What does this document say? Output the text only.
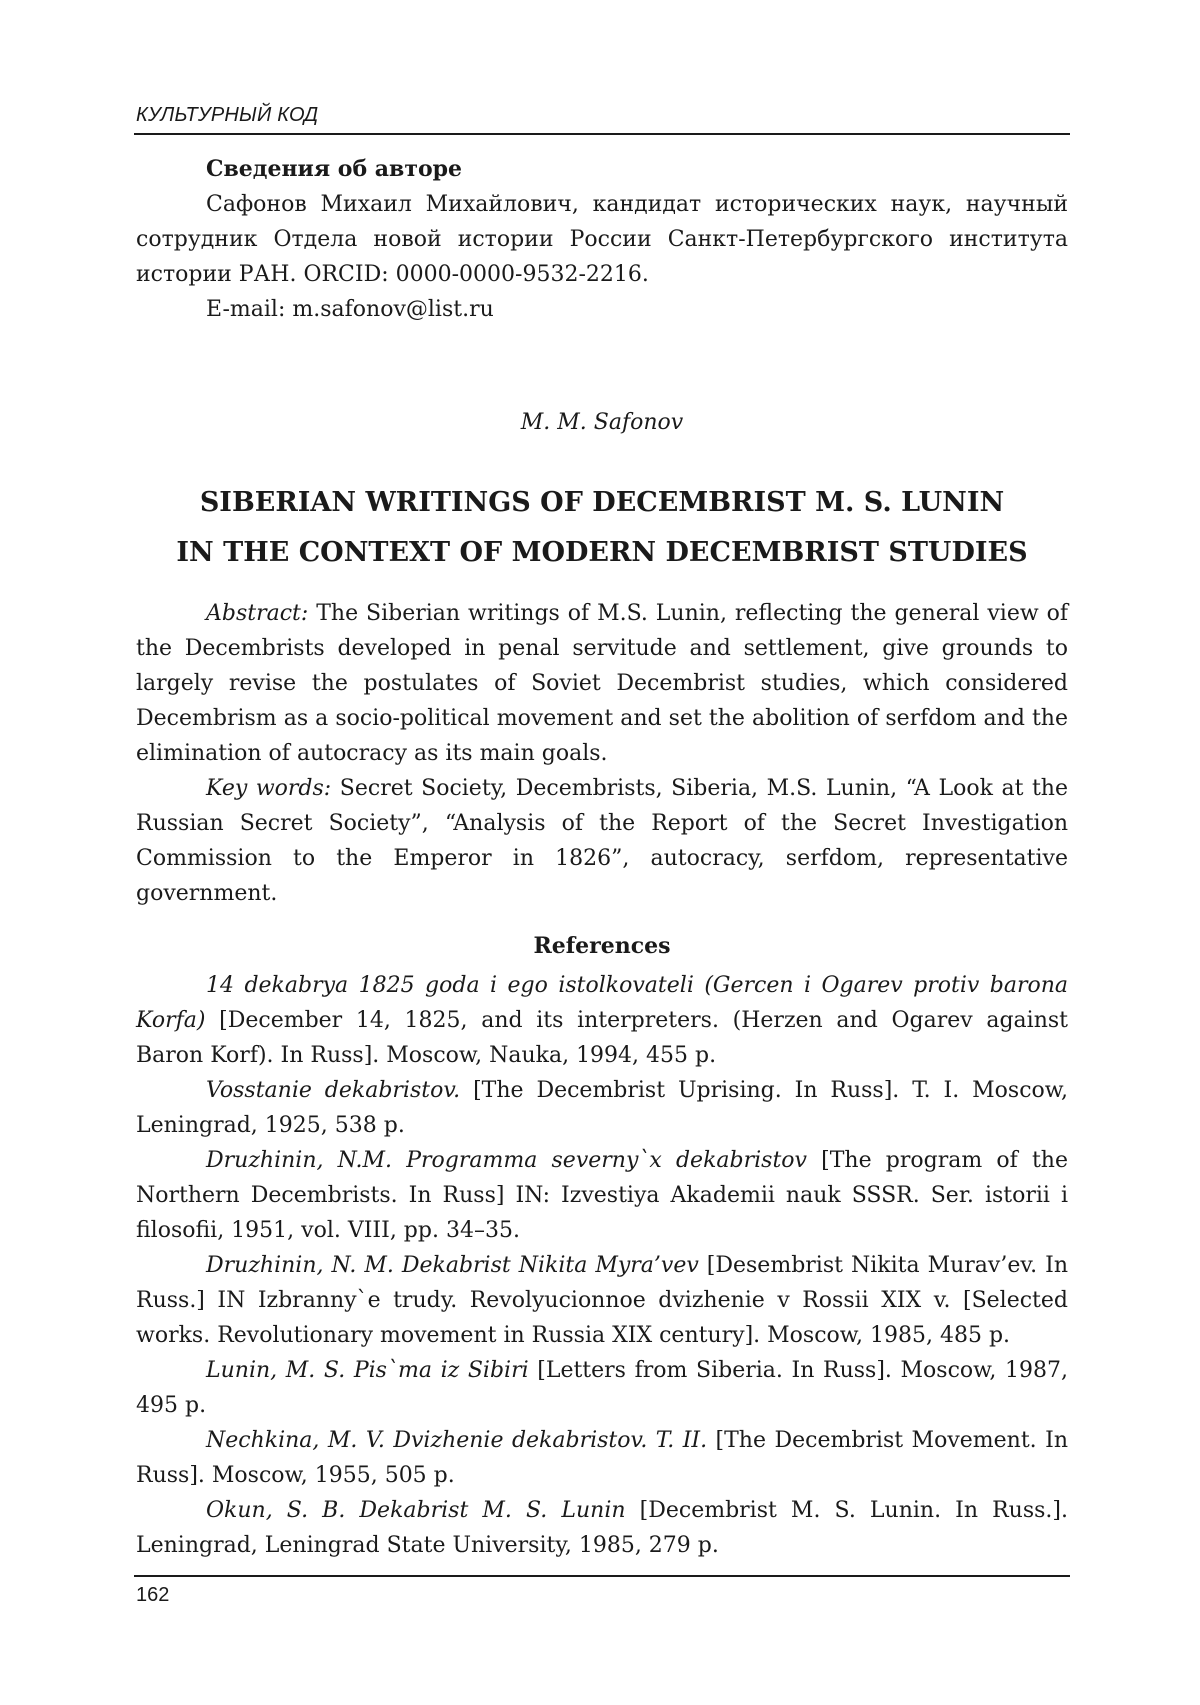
КУЛЬТУРНЫЙ КОД

Сведения об авторе

Сафонов Михаил Михайлович, кандидат исторических наук, научный сотрудник Отдела новой истории России Санкт-Петербургского института истории РАН. ORCID: 0000-0000-9532-2216.

E-mail: m.safonov@list.ru

M. M. Safonov

SIBERIAN WRITINGS OF DECEMBRIST M. S. LUNIN
IN THE CONTEXT OF MODERN DECEMBRIST STUDIES

Abstract: The Siberian writings of M.S. Lunin, reflecting the general view of the Decembrists developed in penal servitude and settlement, give grounds to largely revise the postulates of Soviet Decembrist studies, which considered Decembrism as a socio-political movement and set the abolition of serfdom and the elimination of autocracy as its main goals.

Key words: Secret Society, Decembrists, Siberia, M.S. Lunin, “A Look at the Russian Secret Society”, “Analysis of the Report of the Secret Investigation Commission to the Emperor in 1826”, autocracy, serfdom, representative government.

References

14 dekabrya 1825 goda i ego istolkovateli (Gercen i Ogarev protiv barona Korfa) [December 14, 1825, and its interpreters. (Herzen and Ogarev against Baron Korf). In Russ]. Moscow, Nauka, 1994, 455 p.

Vosstanie dekabristov. [The Decembrist Uprising. In Russ]. T. I. Moscow, Leningrad, 1925, 538 p.

Druzhinin, N.M. Programma severny`x dekabristov [The program of the Northern Decembrists. In Russ] IN: Izvestiya Akademii nauk SSSR. Ser. istorii i filosofii, 1951, vol. VIII, pp. 34–35.

Druzhinin, N. M. Dekabrist Nikita Myra’vev [Desembrist Nikita Murav’ev. In Russ.] IN Izbranny`e trudy. Revolyucionnoe dvizhenie v Rossii XIX v. [Selected works. Revolutionary movement in Russia XIX century]. Moscow, 1985, 485 p.

Lunin, M. S. Pis`ma iz Sibiri [Letters from Siberia. In Russ]. Moscow, 1987, 495 p.

Nechkina, M. V. Dvizhenie dekabristov. T. II. [The Decembrist Movement. In Russ]. Moscow, 1955, 505 p.

Okun, S. B. Dekabrist M. S. Lunin [Decembrist M. S. Lunin. In Russ.]. Leningrad, Leningrad State University, 1985, 279 p.

162
